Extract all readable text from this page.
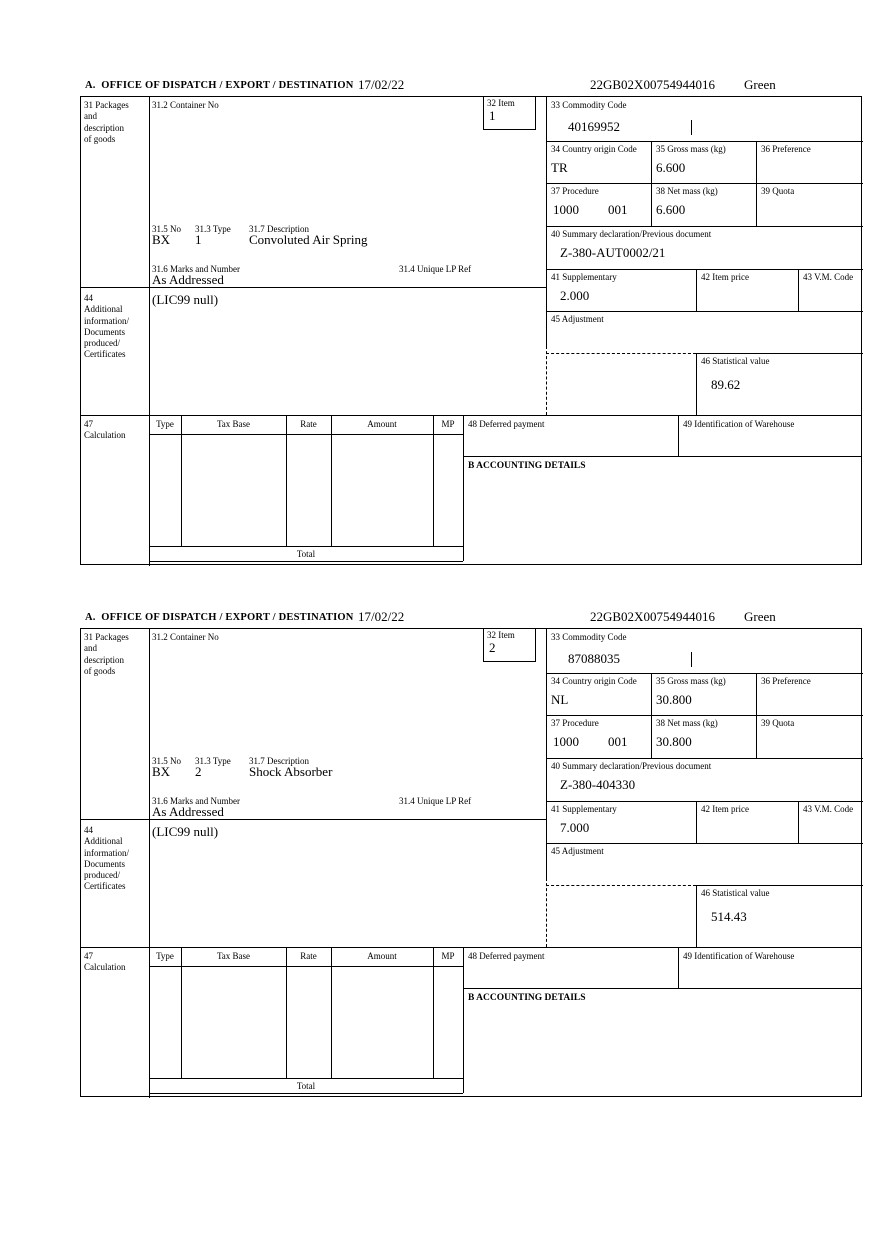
A.  OFFICE OF DISPATCH / EXPORT / DESTINATION 17/02/22	22GB02X00754944016 Green
31 Packages
and
description
of goods
44
Additional
information/
Documents
produced/
Certificates
31.2 Container No	32 Item
1
31.5 No 31.3 Type 31.7 Description
BX 1	Convoluted Air Spring
31.6 Marks and Number	31.4 Unique LP Ref
As Addressed
(LIC99 null)
33 Commodity Code
40169952
34 Country origin Code
TR
35 Gross mass (kg)
6.600
36 Preference
37 Procedure
1000 001
38 Net mass (kg)
6.600
39 Quota
40 Summary declaration/Previous document
Z-380-AUT0002/21
41 Supplementary
2.000
42 Item price	43 V.M. Code
45 Adjustment
46 Statistical value
89.62
47
Calculation
Type	Tax Base	Rate	Amount	MP
Total
48 Deferred payment	49 Identification of Warehouse
B ACCOUNTING DETAILS
A.  OFFICE OF DISPATCH / EXPORT / DESTINATION 17/02/22	22GB02X00754944016 Green
31 Packages
and
description
of goods
44
Additional
information/
Documents
produced/
Certificates
31.2 Container No	32 Item
2
31.5 No 31.3 Type 31.7 Description
BX 2	Shock Absorber
31.6 Marks and Number	31.4 Unique LP Ref
As Addressed
(LIC99 null)
33 Commodity Code
87088035
34 Country origin Code
NL
35 Gross mass (kg)
30.800
36 Preference
37 Procedure
1000 001
38 Net mass (kg)
30.800
39 Quota
40 Summary declaration/Previous document
Z-380-404330
41 Supplementary
7.000
42 Item price	43 V.M. Code
45 Adjustment
46 Statistical value
514.43
47
Calculation
Type	Tax Base	Rate	Amount	MP
Total
48 Deferred payment	49 Identification of Warehouse
B ACCOUNTING DETAILS
